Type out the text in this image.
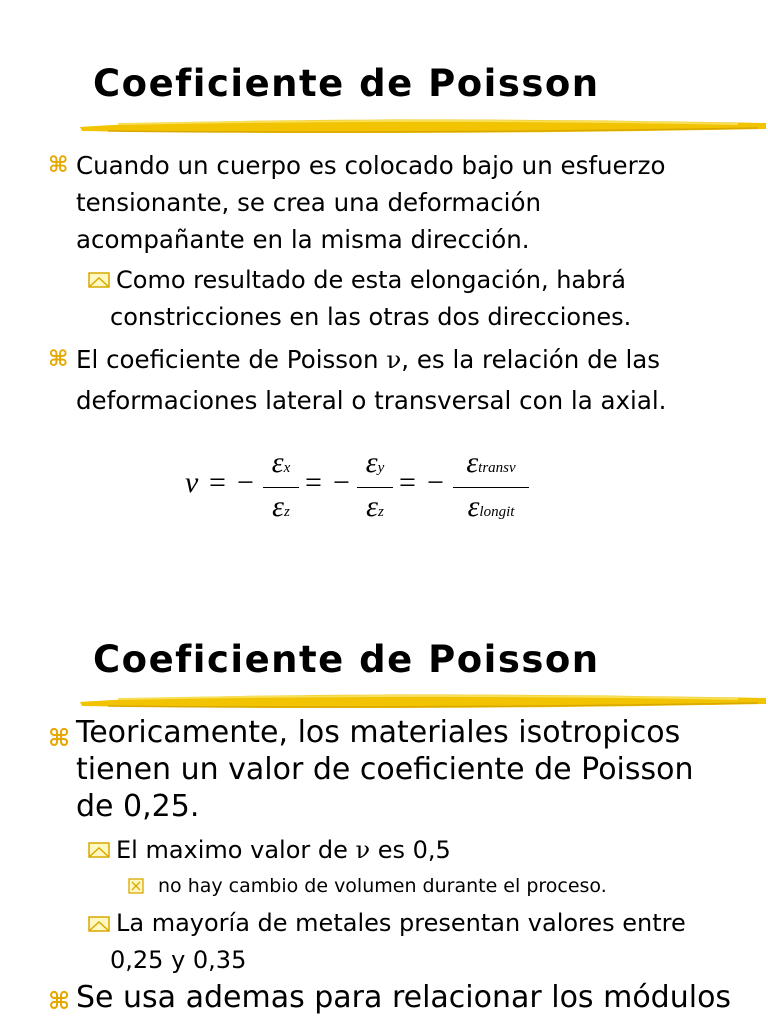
Coeficiente de Poisson
⌘ Cuando un cuerpo es colocado bajo un esfuerzo
tensionante, se crea una deformación
acompañante en la misma dirección.
Como resultado de esta elongación, habrá
constricciones en las otras dos direcciones.
⌘ El coeficiente de Poisson ν, es la relación de las
deformaciones lateral o transversal con la axial.
ν = −
εx
εz
= −
εy
εz
= −
εtransv
εlongit
Coeficiente de Poisson
⌘ Teoricamente, los materiales isotropicos
tienen un valor de coeficiente de Poisson
de 0,25.
El maximo valor de ν es 0,5
no hay cambio de volumen durante el proceso.
La mayoría de metales presentan valores entre
0,25 y 0,35
⌘ Se usa ademas para relacionar los módulos
